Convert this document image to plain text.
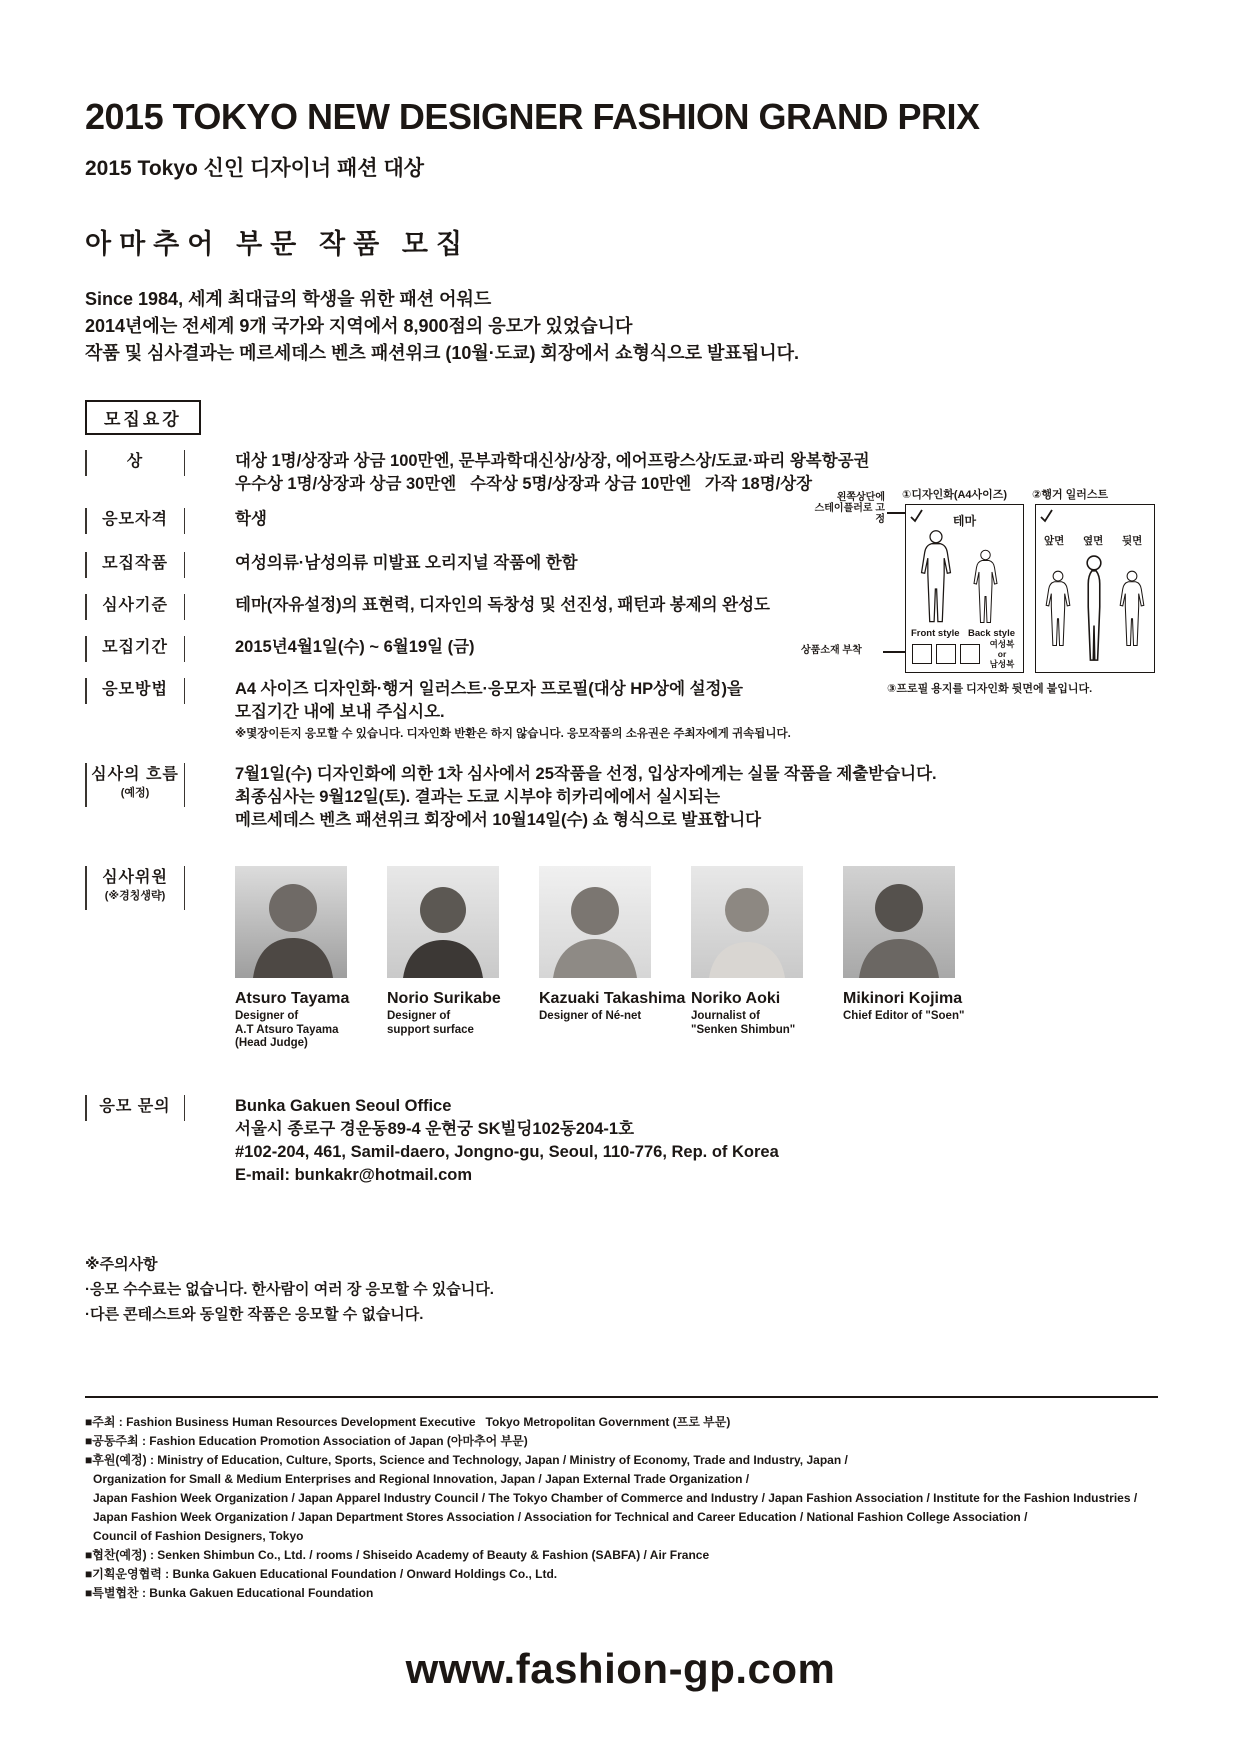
2015 TOKYO NEW DESIGNER FASHION GRAND PRIX
2015 Tokyo 신인 디자이너 패션 대상
아마추어 부문 작품 모집
Since 1984, 세계 최대급의 학생을 위한 패션 어워드
2014년에는 전세계 9개 국가와 지역에서 8,900점의 응모가 있었습니다
작품 및 심사결과는 메르세데스 벤츠 패션위크 (10월·도쿄) 회장에서 쇼형식으로 발표됩니다.
모집요강
상	대상 1명/상장과 상금 100만엔, 문부과학대신상/상장, 에어프랑스상/도쿄·파리 왕복항공권
우수상 1명/상장과 상금 30만엔   수작상 5명/상장과 상금 10만엔   가작 18명/상장
응모자격	학생
모집작품	여성의류·남성의류 미발표 오리지널 작품에 한함
심사기준	테마(자유설정)의 표현력, 디자인의 독창성 및 선진성, 패턴과 봉제의 완성도
모집기간	2015년4월1일(수) ~ 6월19일 (금)
응모방법	A4 사이즈 디자인화·행거 일러스트·응모자 프로필(대상 HP상에 설정)을
모집기간 내에 보내 주십시오.
※몇장이든지 응모할 수 있습니다. 디자인화 반환은 하지 않습니다. 응모작품의 소유권은 주최자에게 귀속됩니다.
심사의 흐름
(예정)
7월1일(수) 디자인화에 의한 1차 심사에서 25작품을 선정, 입상자에게는 실물 작품을 제출받습니다.
최종심사는 9월12일(토). 결과는 도쿄 시부야 히카리에에서 실시되는
메르세데스 벤츠 패션위크 회장에서 10월14일(수) 쇼 형식으로 발표합니다
심사위원
(※경칭생략)
Atsuro Tayama
Designer of
A.T Atsuro Tayama
(Head Judge)
Norio Surikabe
Designer of
support surface
Kazuaki Takashima
Designer of Né-net
Noriko Aoki
Journalist of
"Senken Shimbun"
Mikinori Kojima
Chief Editor of "Soen"
응모 문의	Bunka Gakuen Seoul Office
서울시 종로구 경운동89-4 운현궁 SK빌딩102동204-1호
#102-204, 461, Samil-daero, Jongno-gu, Seoul, 110-776, Rep. of Korea
E-mail: bunkakr@hotmail.com
왼쪽상단에
스테이플러로 고정
①디자인화(A4사이즈)
테마
Front style Back style
여성복
or
남성복
②행거 일러스트
앞면 옆면 뒷면
상품소재 부착
③프로필 용지를 디자인화 뒷면에 붙입니다.
※주의사항
·응모 수수료는 없습니다. 한사람이 여러 장 응모할 수 있습니다.
·다른 콘테스트와 동일한 작품은 응모할 수 없습니다.
■주최 : Fashion Business Human Resources Development Executive   Tokyo Metropolitan Government (프로 부문)
■공동주최 : Fashion Education Promotion Association of Japan (아마추어 부문)
■후원(예정) : Ministry of Education, Culture, Sports, Science and Technology, Japan / Ministry of Economy, Trade and Industry, Japan /
Organization for Small & Medium Enterprises and Regional Innovation, Japan / Japan External Trade Organization /
Japan Fashion Week Organization / Japan Apparel Industry Council / The Tokyo Chamber of Commerce and Industry / Japan Fashion Association / Institute for the Fashion Industries /
Japan Fashion Week Organization / Japan Department Stores Association / Association for Technical and Career Education / National Fashion College Association /
Council of Fashion Designers, Tokyo
■협찬(예정) : Senken Shimbun Co., Ltd. / rooms / Shiseido Academy of Beauty & Fashion (SABFA) / Air France
■기획운영협력 : Bunka Gakuen Educational Foundation / Onward Holdings Co., Ltd.
■특별협찬 : Bunka Gakuen Educational Foundation
www.fashion-gp.com
